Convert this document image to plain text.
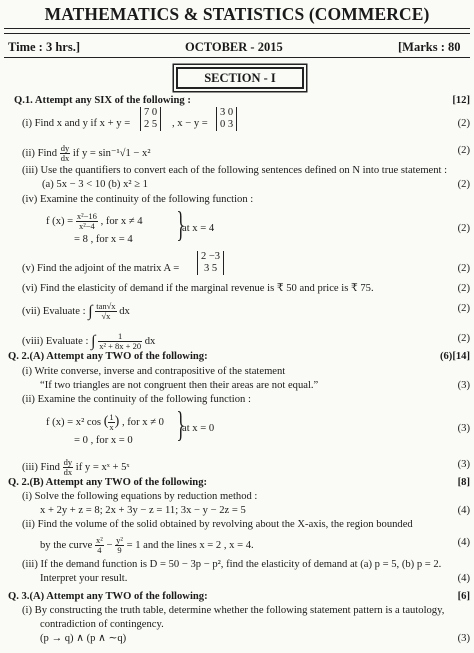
MATHEMATICS & STATISTICS (COMMERCE)
Time : 3 hrs.]	OCTOBER - 2015	[Marks : 80
SECTION - I
Q.1. Attempt any SIX of the following :	[12]
(i) Find x and y if x + y =
7 0
2 5 , x − y =
3 0
0 3	(2)
(ii) Find $\frac{dy}{dx}$ if y = sin⁻¹√1 − x²	(2)
(iii) Use the quantifiers to convert each of the following sentences defined on N into true statement :
(a) 5x − 3 < 10 (b) x² ≥ 1	(2)
(iv) Examine the continuity of the following function :
f $(x) = \frac{\text{x²−16}}{\text{x²−4}}$ , for x ≠ 4
= 8 , for x = 4 }
at x = 4	(2)
(v) Find the adjoint of the matrix A =
2 −3
3 5	(2)
(vi) Find the elasticity of demand if the marginal revenue is ₹ 50 and price is ₹ 75.	(2)
(vii) Evaluate : ∫ $\frac{\tan√x}{√x}$ dx	(2)
(viii) Evaluate : ∫ $\frac{1}{\text{x² + 8x + 20}}$ dx	(2)
Q. 2.(A) Attempt any TWO of the following:	(6)[14]
(i) Write converse, inverse and contrapositive of the statement
“If two triangles are not congruent then their areas are not equal.”	(3)
(ii) Examine the continuity of the following function :
f (x) = x² cos ( $\frac{1}{x}$ ) , for x ≠ 0
= 0 , for x = 0 }
at x = 0	(3)
(iii) Find $\frac{dy}{dx}$ if y = xˣ + 5ˣ	(3)
Q. 2.(B) Attempt any TWO of the following:	[8]
(i) Solve the following equations by reduction method :
x + 2y + z = 8; 2x + 3y − z = 11; 3x − y − 2z = 5	(4)
(ii) Find the volume of the solid obtained by revolving about the X-axis, the region bounded
by the curve $\frac{\text{x²}}{4} - \frac{\text{y²}}{9} = 1$ and the lines x = 2 , x = 4.	(4)
(iii) If the demand function is D = 50 − 3p − p², find the elasticity of demand at (a) p = 5, (b) p = 2.
Interpret your result.	(4)
Q. 3.(A) Attempt any TWO of the following:	[6]
(i) By constructing the truth table, determine whether the following statement pattern is a tautology,
contradiction of contingency.
(p → q) ∧ (p ∧ ∼q)	(3)
